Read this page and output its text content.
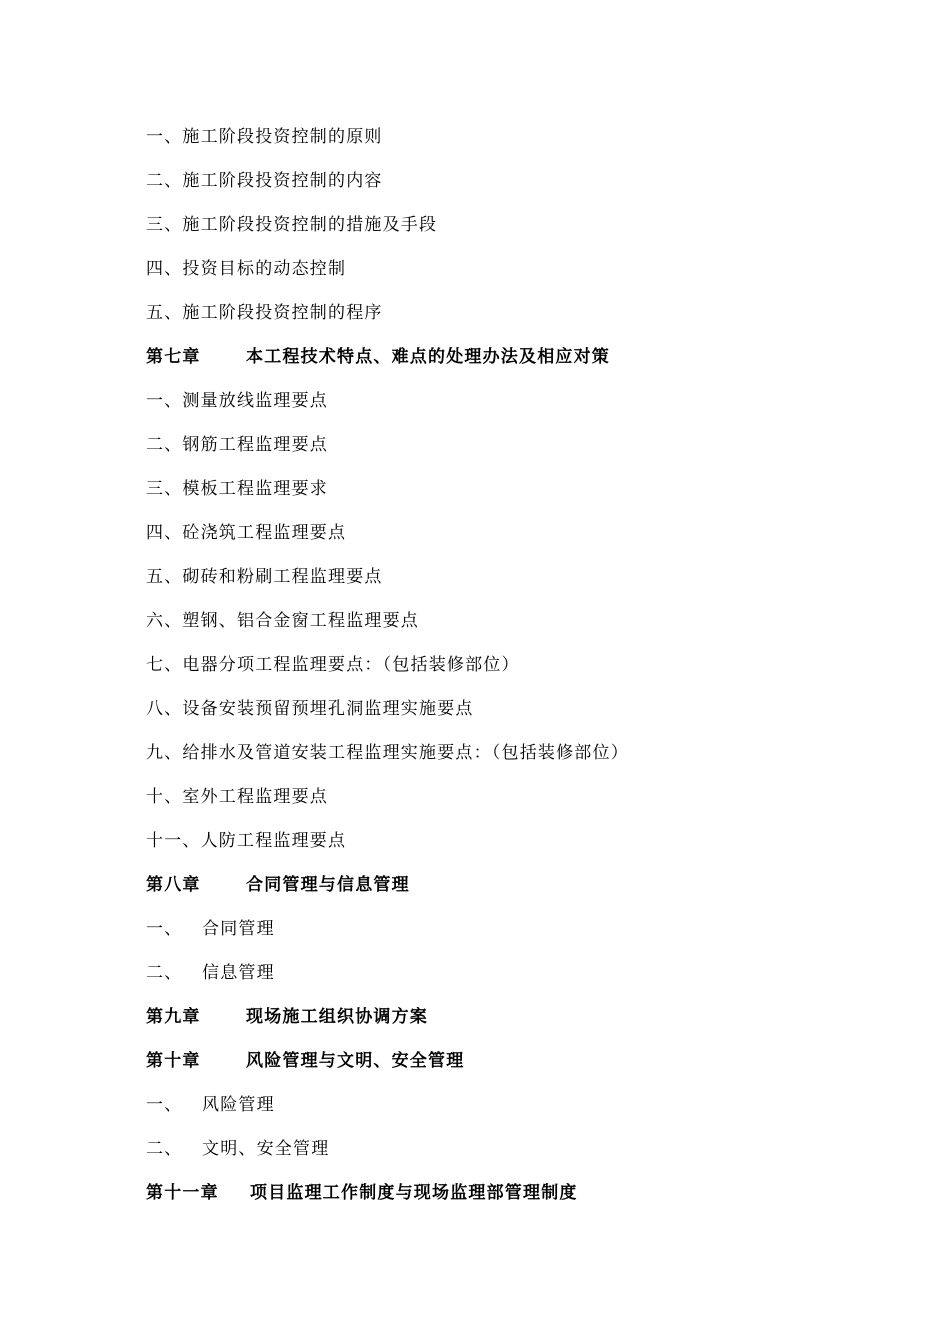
一、施工阶段投资控制的原则
二、施工阶段投资控制的内容
三、施工阶段投资控制的措施及手段
四、投资目标的动态控制
五、施工阶段投资控制的程序
第七章	本工程技术特点、难点的处理办法及相应对策
一、测量放线监理要点
二、钢筋工程监理要点
三、模板工程监理要求
四、砼浇筑工程监理要点
五、砌砖和粉刷工程监理要点
六、塑钢、铝合金窗工程监理要点
七、电器分项工程监理要点：（包括装修部位）
八、设备安装预留预埋孔洞监理实施要点
九、给排水及管道安装工程监理实施要点：（包括装修部位）
十、室外工程监理要点
十一、人防工程监理要点
第八章	合同管理与信息管理
一、 合同管理
二、 信息管理
第九章	现场施工组织协调方案
第十章	风险管理与文明、安全管理
一、 风险管理
二、 文明、安全管理
第十一章 项目监理工作制度与现场监理部管理制度
